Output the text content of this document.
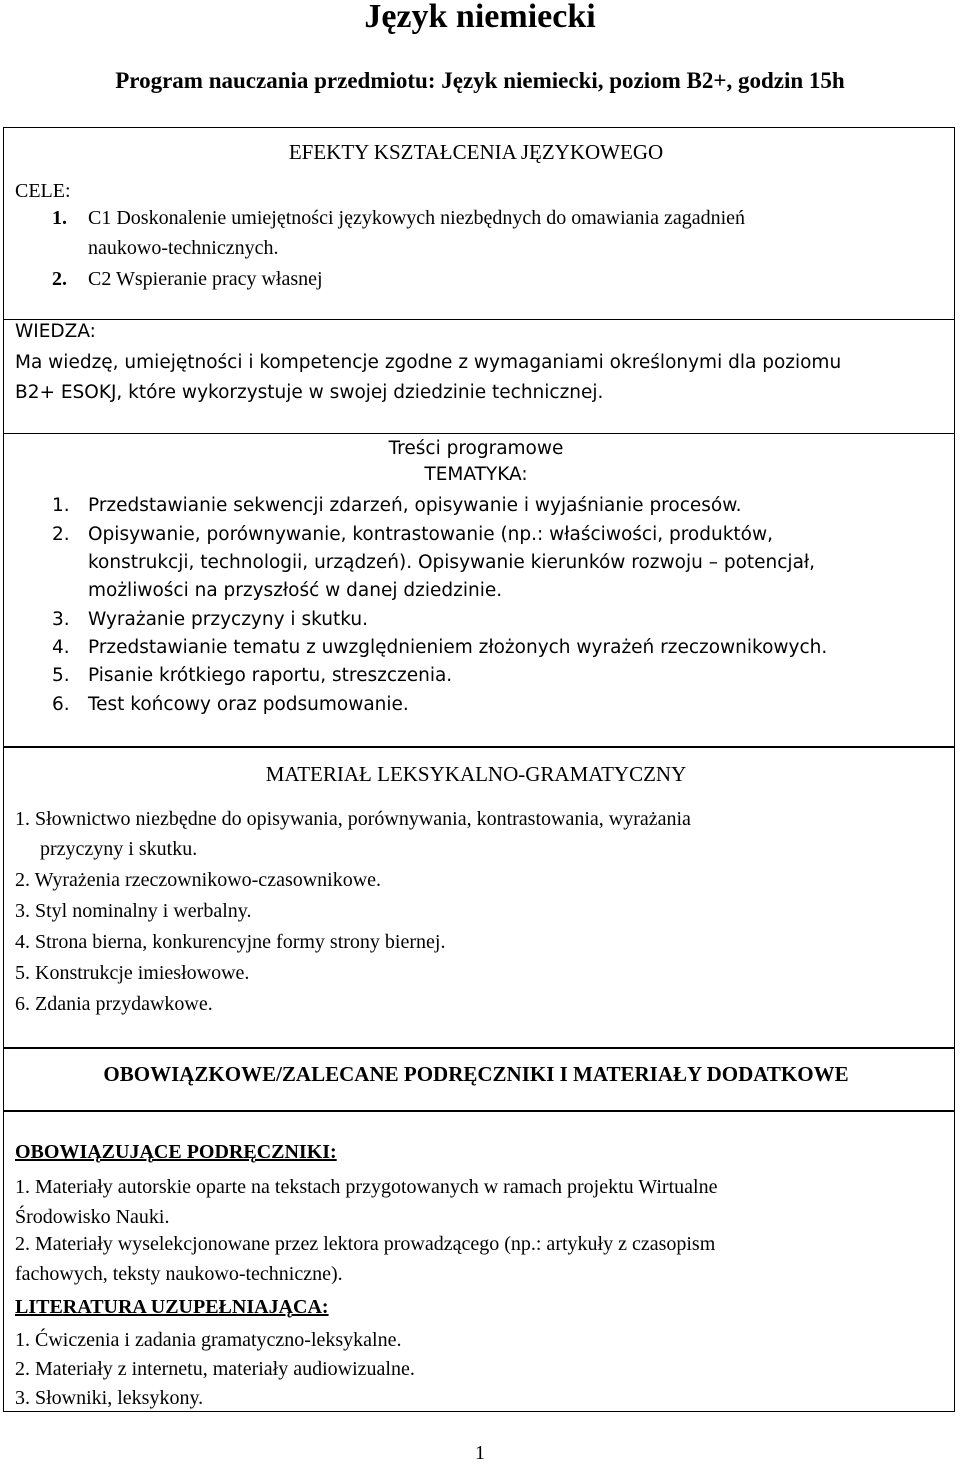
Język niemiecki
Program nauczania przedmiotu: Język niemiecki, poziom B2+, godzin 15h
EFEKTY KSZTAŁCENIA JĘZYKOWEGO
CELE:
1. C1 Doskonalenie umiejętności językowych niezbędnych do omawiania zagadnień
naukowo-technicznych.
2. C2 Wspieranie pracy własnej
WIEDZA:
Ma wiedzę, umiejętności i kompetencje zgodne z wymaganiami określonymi dla poziomu
B2+ ESOKJ, które wykorzystuje w swojej dziedzinie technicznej.
Treści programowe
TEMATYKA:
1. Przedstawianie sekwencji zdarzeń, opisywanie i wyjaśnianie procesów.
2. Opisywanie, porównywanie, kontrastowanie (np.: właściwości, produktów,
konstrukcji, technologii, urządzeń). Opisywanie kierunków rozwoju – potencjał,
możliwości na przyszłość w danej dziedzinie.
3. Wyrażanie przyczyny i skutku.
4. Przedstawianie tematu z uwzględnieniem złożonych wyrażeń rzeczownikowych.
5. Pisanie krótkiego raportu, streszczenia.
6. Test końcowy oraz podsumowanie.
MATERIAŁ LEKSYKALNO-GRAMATYCZNY
1. Słownictwo niezbędne do opisywania, porównywania, kontrastowania, wyrażania
przyczyny i skutku.
2. Wyrażenia rzeczownikowo-czasownikowe.
3. Styl nominalny i werbalny.
4. Strona bierna, konkurencyjne formy strony biernej.
5. Konstrukcje imiesłowowe.
6. Zdania przydawkowe.
OBOWIĄZKOWE/ZALECANE PODRĘCZNIKI I MATERIAŁY DODATKOWE
OBOWIĄZUJĄCE PODRĘCZNIKI:
1. Materiały autorskie oparte na tekstach przygotowanych w ramach projektu Wirtualne
Środowisko Nauki.
2. Materiały wyselekcjonowane przez lektora prowadzącego (np.: artykuły z czasopism
fachowych, teksty naukowo-techniczne).
LITERATURA UZUPEŁNIAJĄCA:
1. Ćwiczenia i zadania gramatyczno-leksykalne.
2. Materiały z internetu, materiały audiowizualne.
3. Słowniki, leksykony.
1
